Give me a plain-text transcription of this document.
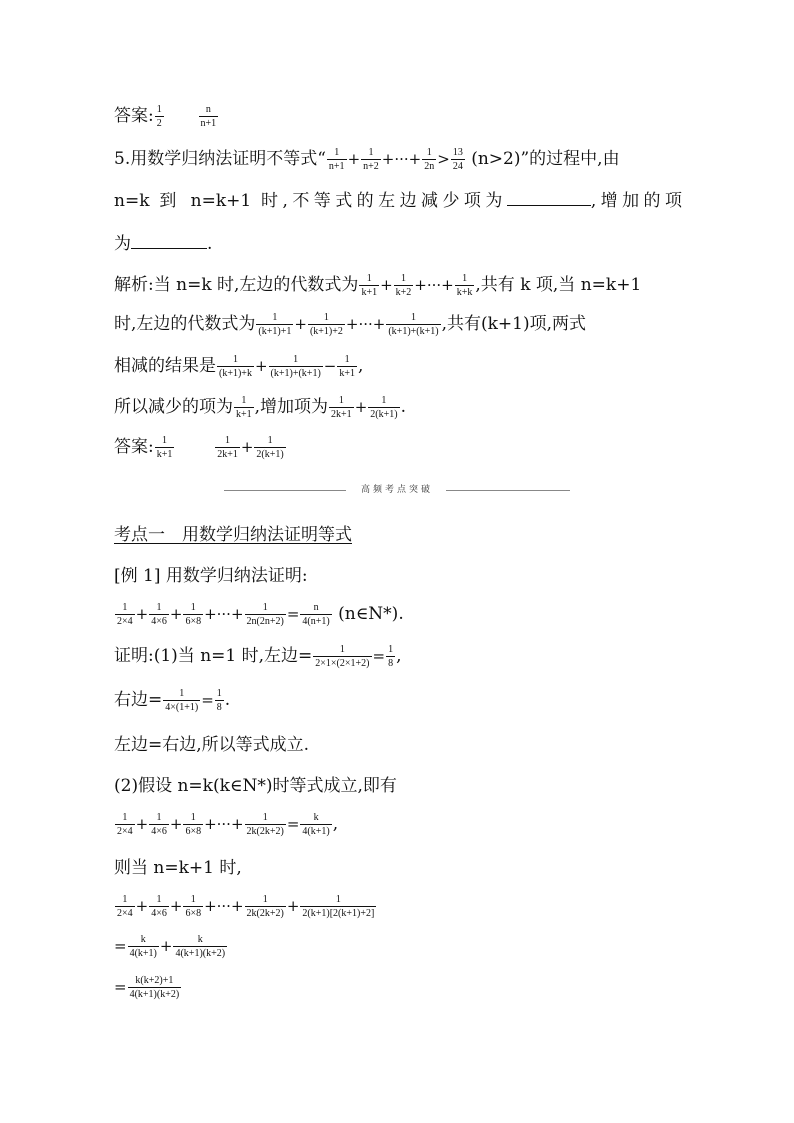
答案: $\frac{1}{2}$
	$\frac{n}{n+1}$
5.用数学归纳法证明不等式“ $\frac{1}{n+1} + \frac{1}{n+2}$ +···+ $\frac{1}{2n} > \frac{13}{24} (n>2)$”的过程中,由
n=k 到 n=k+1 时,不等式的左边减少项为	,增加的项
为	.
解析:当 n=k 时,左边的代数式为 $\frac{1}{k+1} + \frac{1}{k+2}$ +···+ $\frac{1}{k+k}$ ,共有 k 项,当 n=k+1
时,左边的代数式为 $\frac{1}{(k+1)+1} + \frac{1}{(k+1)+2}$ +···+ $\frac{1}{(k+1)+(k+1)}$ ,共有(k+1)项,两式
相减的结果是 $\frac{1}{(k+1)+k} + \frac{1}{(k+1)+(k+1)} - \frac{1}{k+1}$ ,
所以减少的项为 $\frac{1}{k+1}$ ,增加项为 $\frac{1}{2k+1} + \frac{1}{2(k+1)}$ .
答案: $\frac{1}{k+1}$
	$\frac{1}{2k+1} + \frac{1}{2(k+1)}$
高频考点突破
考点一　用数学归纳法证明等式
[例 1] 用数学归纳法证明:
$\frac{1}{2\times 4} + \frac{1}{4\times 6} + \frac{1}{6\times 8}$ +···+ $\frac{1}{2n(2n+2)} = \frac{n}{4(n+1)}$ (n∈N*).
证明:(1)当 n=1 时,左边= $\frac{1}{2\times 1\times(2\times 1+2)} = \frac{1}{8}$ ,
右边= $\frac{1}{4\times(1+1)} = \frac{1}{8}$ .
左边=右边,所以等式成立.
(2)假设 n=k(k∈N*)时等式成立,即有
$\frac{1}{2\times 4} + \frac{1}{4\times 6} + \frac{1}{6\times 8}$ +···+ $\frac{1}{2k(2k+2)} = \frac{k}{4(k+1)}$ ,
则当 n=k+1 时,
$\frac{1}{2\times 4} + \frac{1}{4\times 6} + \frac{1}{6\times 8}$ +···+ $\frac{1}{2k(2k+2)} + \frac{1}{2(k+1)[2(k+1)+2]}$
= $\frac{k}{4(k+1)} + \frac{k}{4(k+1)(k+2)}$
= $\frac{k(k+2)+1}{4(k+1)(k+2)}$
